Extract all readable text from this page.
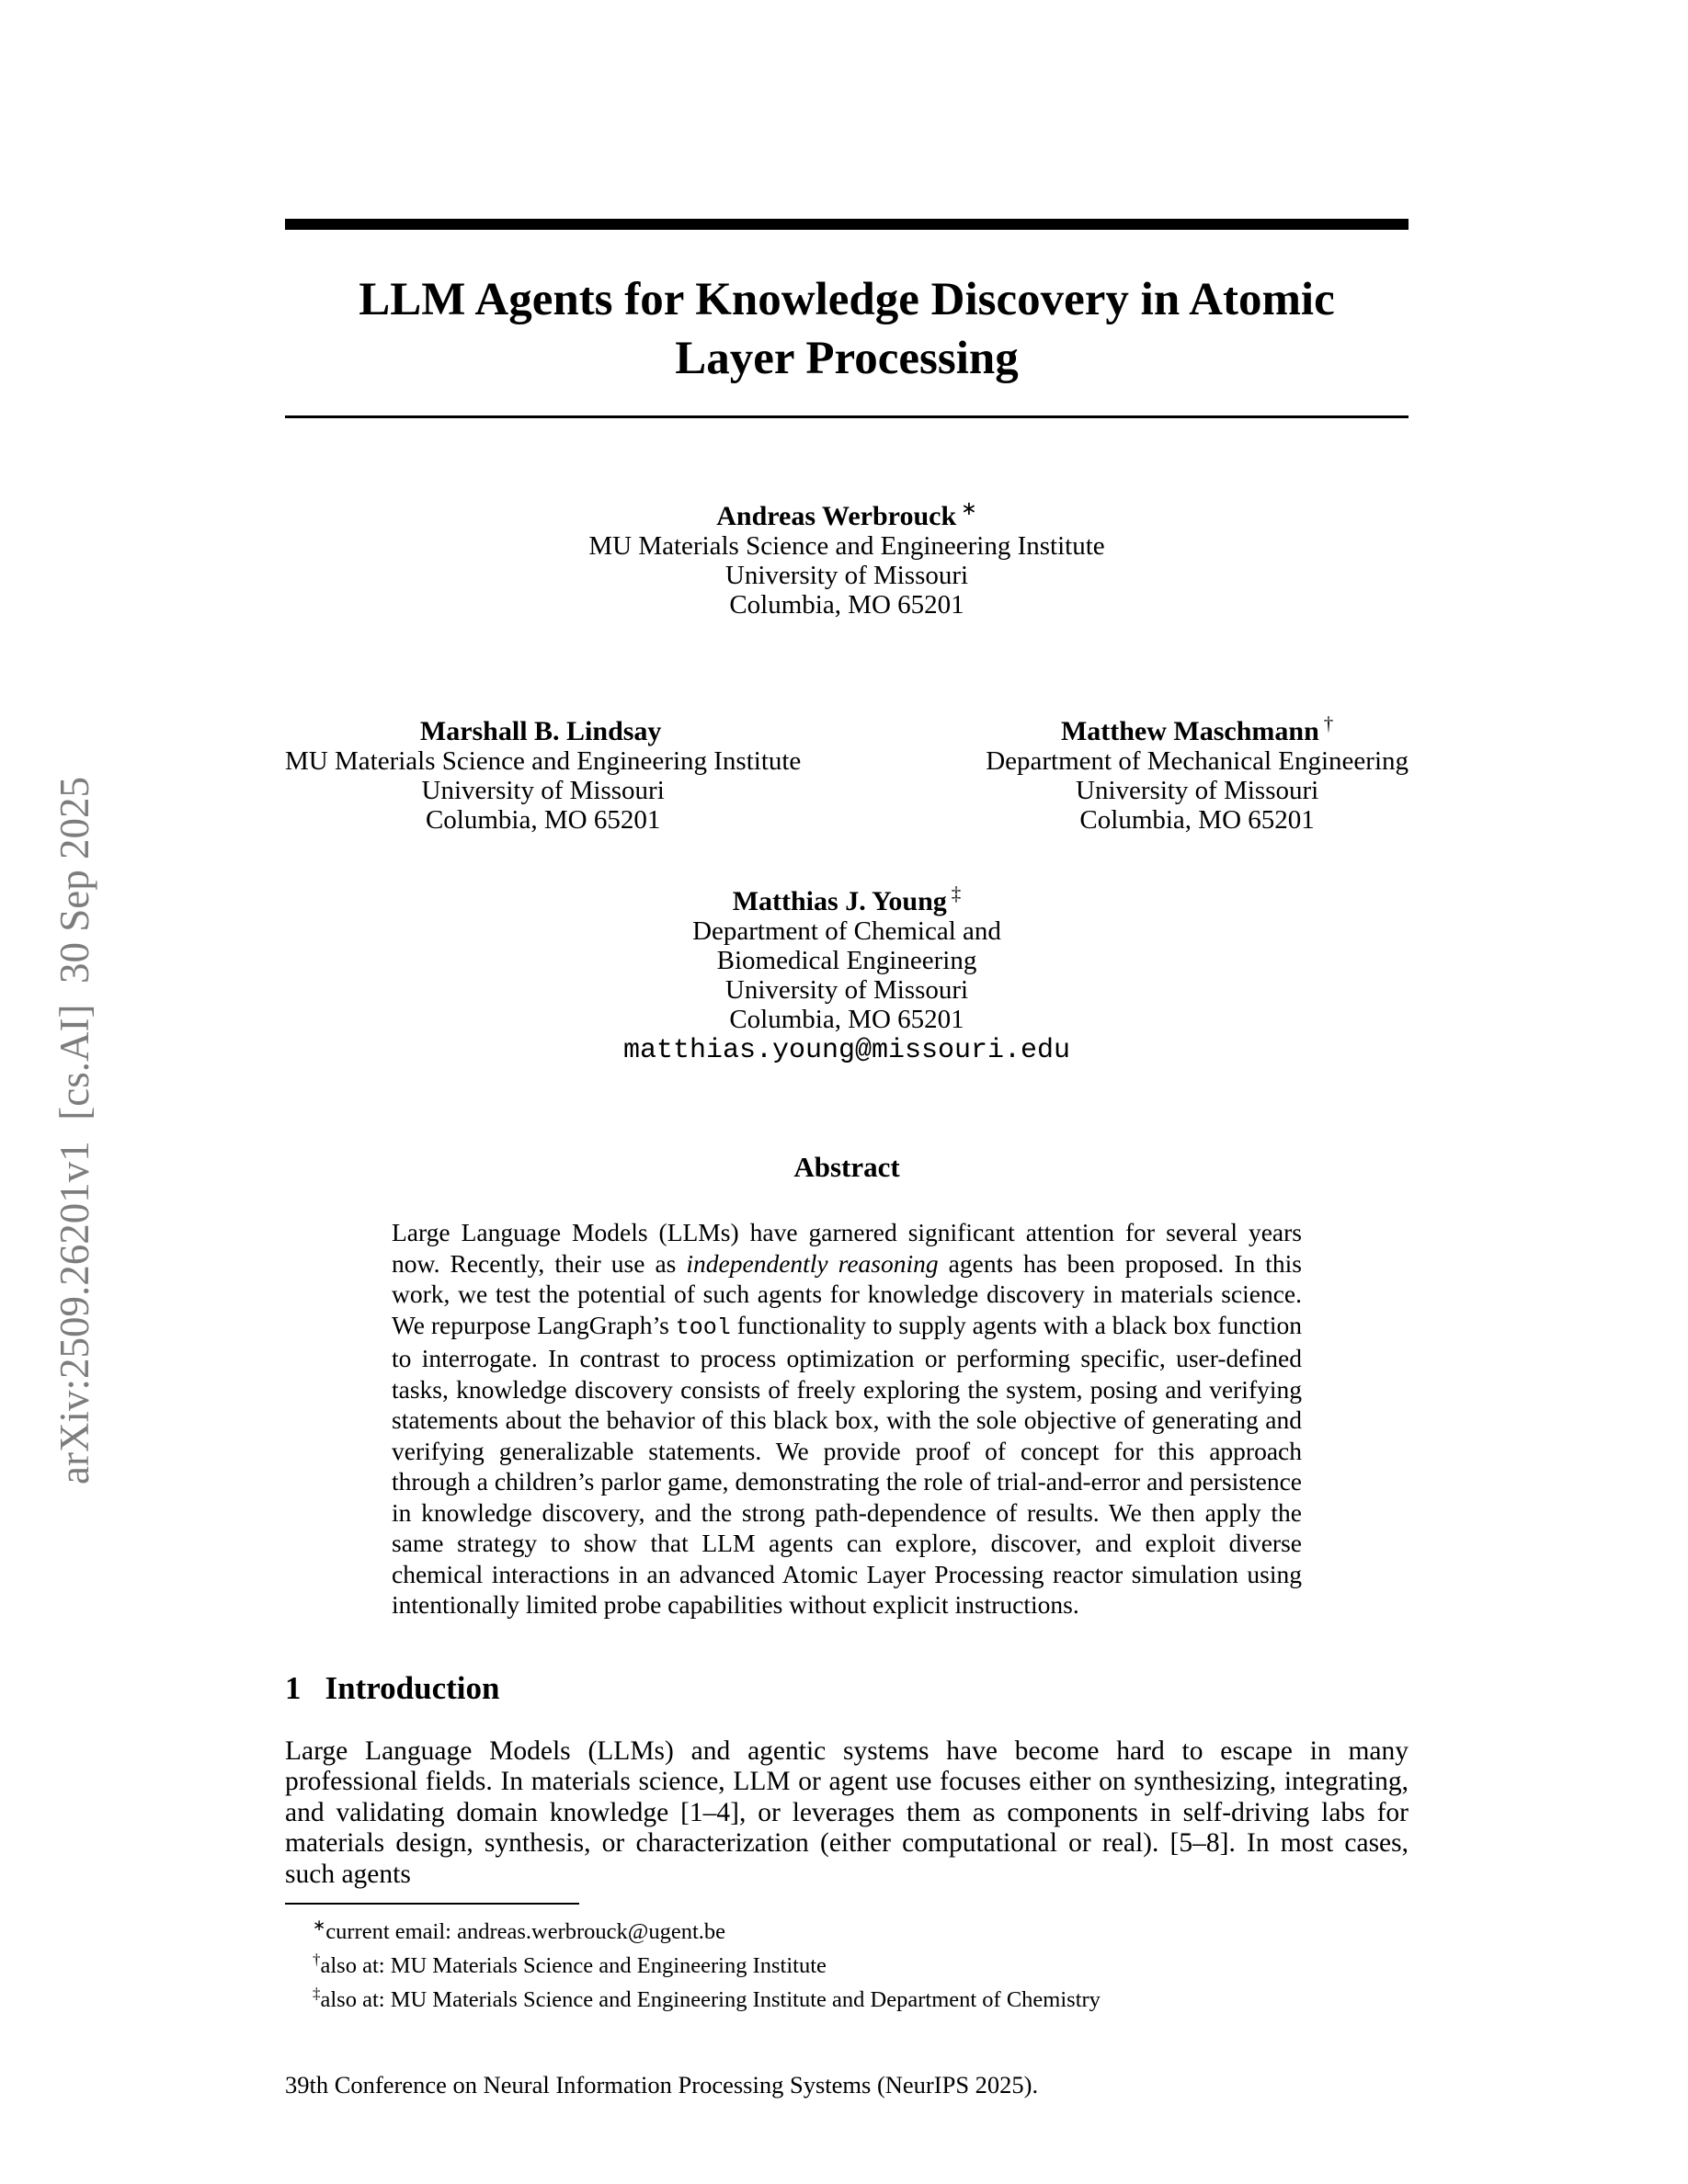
arXiv:2509.26201v1  [cs.AI]  30 Sep 2025
LLM Agents for Knowledge Discovery in Atomic
Layer Processing
Andreas Werbrouck ∗
MU Materials Science and Engineering Institute
University of Missouri
Columbia, MO 65201
Marshall B. Lindsay
MU Materials Science and Engineering Institute
University of Missouri
Columbia, MO 65201
Matthew Maschmann †
Department of Mechanical Engineering
University of Missouri
Columbia, MO 65201
Matthias J. Young ‡
Department of Chemical and
Biomedical Engineering
University of Missouri
Columbia, MO 65201
matthias.young@missouri.edu
Abstract
Large Language Models (LLMs) have garnered significant attention for several years now. Recently, their use as independently reasoning agents has been proposed. In this work, we test the potential of such agents for knowledge discovery in materials science. We repurpose LangGraph’s tool functionality to supply agents with a black box function to interrogate. In contrast to process optimization or performing specific, user-defined tasks, knowledge discovery consists of freely exploring the system, posing and verifying statements about the behavior of this black box, with the sole objective of generating and verifying generalizable statements. We provide proof of concept for this approach through a children’s parlor game, demonstrating the role of trial-and-error and persistence in knowledge discovery, and the strong path-dependence of results. We then apply the same strategy to show that LLM agents can explore, discover, and exploit diverse chemical interactions in an advanced Atomic Layer Processing reactor simulation using intentionally limited probe capabilities without explicit instructions.
1 Introduction
Large Language Models (LLMs) and agentic systems have become hard to escape in many professional fields. In materials science, LLM or agent use focuses either on synthesizing, integrating, and validating domain knowledge [1–4], or leverages them as components in self-driving labs for materials design, synthesis, or characterization (either computational or real). [5–8]. In most cases, such agents
∗current email: andreas.werbrouck@ugent.be
†also at: MU Materials Science and Engineering Institute
‡also at: MU Materials Science and Engineering Institute and Department of Chemistry
39th Conference on Neural Information Processing Systems (NeurIPS 2025).
